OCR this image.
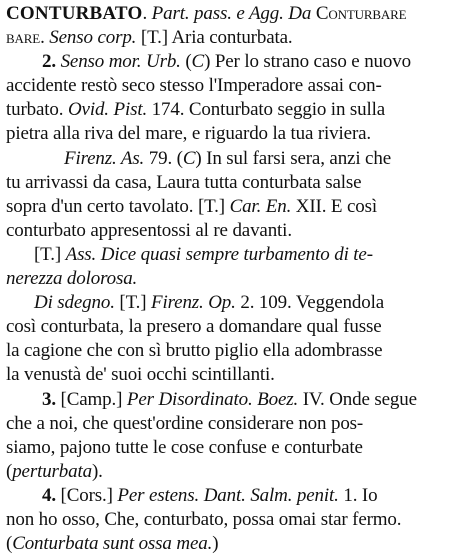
CONTURBATO. Part. pass. e Agg. Da Conturbare
bare. Senso corp. [T.] Aria conturbata.
2. Senso mor. Urb. (C) Per lo strano caso e nuovo
accidente restò seco stesso l'Imperadore assai con-
turbato. Ovid. Pist. 174. Conturbato seggio in sulla
pietra alla riva del mare, e riguardo la tua riviera.
Firenz. As. 79. (C) In sul farsi sera, anzi che
tu arrivassi da casa, Laura tutta conturbata salse
sopra d'un certo tavolato. [T.] Car. En. XII. E così
conturbato appresentossi al re davanti.
[T.] Ass. Dice quasi sempre turbamento di te-
nerezza dolorosa.
Di sdegno. [T.] Firenz. Op. 2. 109. Veggendola
così conturbata, la presero a domandare qual fusse
la cagione che con sì brutto piglio ella adombrasse
la venustà de' suoi occhi scintillanti.
3. [Camp.] Per Disordinato. Boez. IV. Onde segue
che a noi, che quest'ordine considerare non pos-
siamo, pajono tutte le cose confuse e conturbate
(perturbata).
4. [Cors.] Per estens. Dant. Salm. penit. 1. Io
non ho osso, Che, conturbato, possa omai star fermo.
(Conturbata sunt ossa mea.)
